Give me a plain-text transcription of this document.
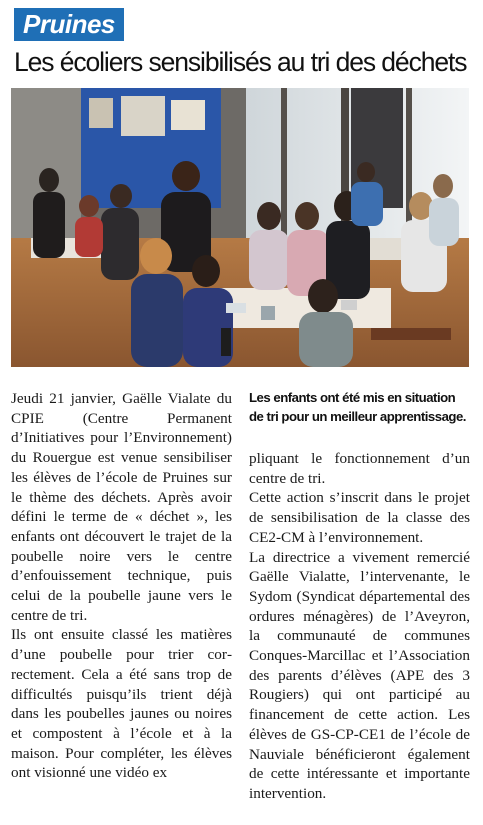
Pruines
Les écoliers sensibilisés au tri des déchets

Jeudi 21 janvier, Gaëlle Vialate du CPIE (Centre Permanent d’Initiatives pour l’Environnement) du Rouergue est venue sensibiliser les élèves de l’école de Pruines sur le thème des déchets. Après avoir défini le terme de « déchet », les enfants ont découvert le trajet de la poubelle noire vers le centre d’enfouissement technique, puis celui de la poubelle jaune vers le centre de tri.

Ils ont ensuite classé les matières d’une poubelle pour trier correctement. Cela a été sans trop de difficultés puisqu’ils trient déjà dans les poubelles jaunes ou noires et compostent à l’école et à la maison. Pour compléter, les élèves ont visionné une vidéo ex

Les enfants ont été mis en situation de tri pour un meilleur apprentissage.

pliquant le fonctionnement d’un centre de tri.

Cette action s’inscrit dans le projet de sensibilisation de la classe des CE2-CM à l’environnement.

La directrice a vivement remercié Gaëlle Vialatte, l’intervenante, le Sydom (Syndicat départemental des ordures ménagères) de l’Aveyron, la communauté de communes Conques-Marcillac et l’Association des parents d’élèves (APE des 3 Rougiers) qui ont participé au financement de cette action. Les élèves de GS-CP-CE1 de l’école de Nauviale bénéficieront également de cette intéressante et importante intervention.
